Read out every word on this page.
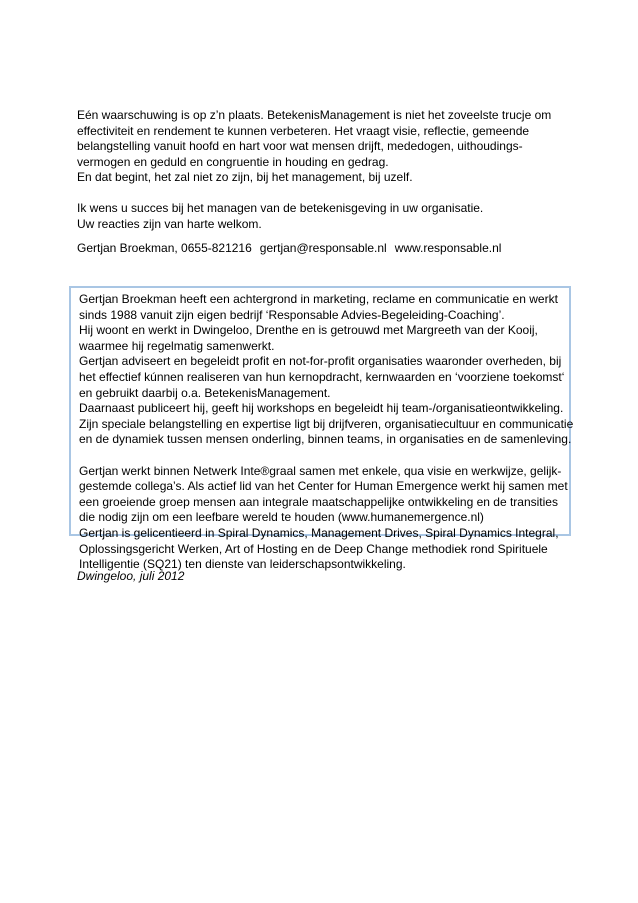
Eén waarschuwing is op z’n plaats. BetekenisManagement is niet het zoveelste trucje om
effectiviteit en rendement te kunnen verbeteren. Het vraagt visie, reflectie, gemeende
belangstelling vanuit hoofd en hart voor wat mensen drijft, mededogen, uithoudings-
vermogen en geduld en congruentie in houding en gedrag.
En dat begint, het zal niet zo zijn, bij het management, bij uzelf.
Ik wens u succes bij het managen van de betekenisgeving in uw organisatie.
Uw reacties zijn van harte welkom.
Gertjan Broekman, 0655-821216 gertjan@responsable.nl www.responsable.nl
Gertjan Broekman heeft een achtergrond in marketing, reclame en communicatie en werkt
sinds 1988 vanuit zijn eigen bedrijf ‘Responsable Advies-Begeleiding-Coaching’.
Hij woont en werkt in Dwingeloo, Drenthe en is getrouwd met Margreeth van der Kooij,
waarmee hij regelmatig samenwerkt.
Gertjan adviseert en begeleidt profit en not-for-profit organisaties waaronder overheden, bij
het effectief kúnnen realiseren van hun kernopdracht, kernwaarden en ‘voorziene toekomst‘
en gebruikt daarbij o.a. BetekenisManagement.
Daarnaast publiceert hij, geeft hij workshops en begeleidt hij team-/organisatieontwikkeling.
Zijn speciale belangstelling en expertise ligt bij drijfveren, organisatiecultuur en communicatie
en de dynamiek tussen mensen onderling, binnen teams, in organisaties en de samenleving.
Gertjan werkt binnen Netwerk Inte®graal samen met enkele, qua visie en werkwijze, gelijk-
gestemde collega’s. Als actief lid van het Center for Human Emergence werkt hij samen met
een groeiende groep mensen aan integrale maatschappelijke ontwikkeling en de transities
die nodig zijn om een leefbare wereld te houden (www.humanemergence.nl)
Gertjan is gelicentieerd in Spiral Dynamics, Management Drives, Spiral Dynamics Integral,
Oplossingsgericht Werken, Art of Hosting en de Deep Change methodiek rond Spirituele
Intelligentie (SQ21) ten dienste van leiderschapsontwikkeling.
Dwingeloo, juli 2012
